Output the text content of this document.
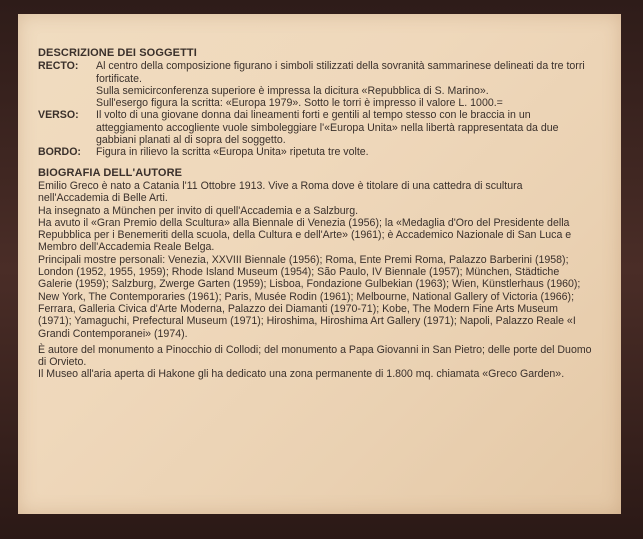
DESCRIZIONE DEI SOGGETTI
RECTO:	Al centro della composizione figurano i simboli stilizzati della sovranità sammarinese delineati da tre torri fortificate.

Sulla semicirconferenza superiore è impressa la dicitura «Repubblica di S. Marino».

Sull'esergo figura la scritta: «Europa 1979». Sotto le torri è impresso il valore L. 1000.=

VERSO:	Il volto di una giovane donna dai lineamenti forti e gentili al tempo stesso con le braccia in un atteggiamento accogliente vuole simboleggiare l'«Europa Unita» nella libertà rappresentata da due gabbiani planati al di sopra del soggetto.

BORDO:	Figura in rilievo la scritta «Europa Unita» ripetuta tre volte.

BIOGRAFIA DELL'AUTORE

Emilio Greco è nato a Catania l'11 Ottobre 1913. Vive a Roma dove è titolare di una cattedra di scultura nell'Accademia di Belle Arti.

Ha insegnato a München per invito di quell'Accademia e a Salzburg.

Ha avuto il «Gran Premio della Scultura» alla Biennale di Venezia (1956); la «Medaglia d'Oro del Presidente della Repubblica per i Benemeriti della scuola, della Cultura e dell'Arte» (1961); è Accademico Nazionale di San Luca e Membro dell'Accademia Reale Belga.

Principali mostre personali: Venezia, XXVIII Biennale (1956); Roma, Ente Premi Roma, Palazzo Barberini (1958); London (1952, 1955, 1959); Rhode Island Museum (1954); São Paulo, IV Biennale (1957); München, Städtiche Galerie (1959); Salzburg, Zwerge Garten (1959); Lisboa, Fondazione Gulbekian (1963); Wien, Künstlerhaus (1960); New York, The Contemporaries (1961); Paris, Musée Rodin (1961); Melbourne, National Gallery of Victoria (1966); Ferrara, Galleria Civica d'Arte Moderna, Palazzo dei Diamanti (1970-71); Kobe, The Modern Fine Arts Museum (1971); Yamaguchi, Prefectural Museum (1971); Hiroshima, Hiroshima Art Gallery (1971); Napoli, Palazzo Reale «I Grandi Contemporanei» (1974).

È autore del monumento a Pinocchio di Collodi; del monumento a Papa Giovanni in San Pietro; delle porte del Duomo di Orvieto.

Il Museo all'aria aperta di Hakone gli ha dedicato una zona permanente di 1.800 mq. chiamata «Greco Garden».
